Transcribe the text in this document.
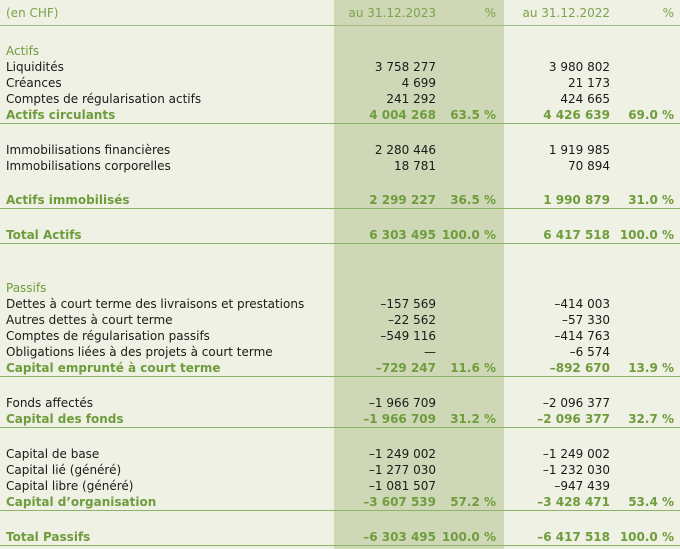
(en CHF)	au 31.12.2023	%	au 31.12.2022	%

Actifs				
Liquidités	3 758 277		3 980 802	
Créances	4 699		21 173	
Comptes de régularisation actifs	241 292		424 665	
Actifs circulants	4 004 268	63.5 %	4 426 639	69.0 %

Immobilisations financières	2 280 446		1 919 985	
Immobilisations corporelles	18 781		70 894	

Actifs immobilisés	2 299 227	36.5 %	1 990 879	31.0 %

Total Actifs	6 303 495	100.0 %	6 417 518	100.0 %

Passifs				
Dettes à court terme des livraisons et prestations	–157 569		–414 003	
Autres dettes à court terme	–22 562		–57 330	
Comptes de régularisation passifs	–549 116		–414 763	
Obligations liées à des projets à court terme	—		–6 574	
Capital emprunté à court terme	–729 247	11.6 %	–892 670	13.9 %

Fonds affectés	–1 966 709		–2 096 377	
Capital des fonds	–1 966 709	31.2 %	–2 096 377	32.7 %

Capital de base	–1 249 002		–1 249 002	
Capital lié (généré)	–1 277 030		–1 232 030	
Capital libre (généré)	–1 081 507		–947 439	
Capital d’organisation	–3 607 539	57.2 %	–3 428 471	53.4 %

Total Passifs	–6 303 495	100.0 %	–6 417 518	100.0 %
